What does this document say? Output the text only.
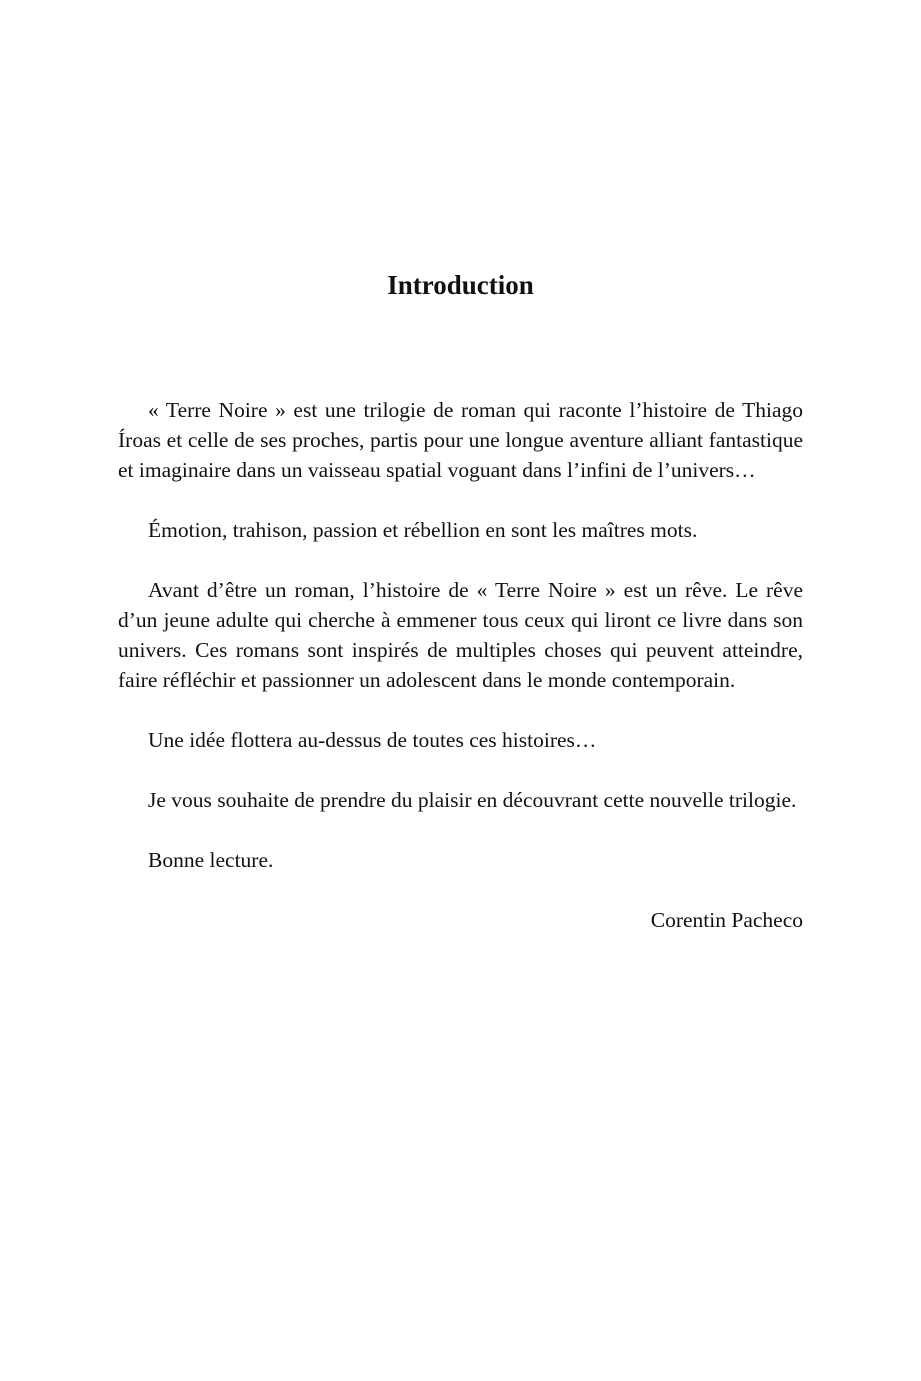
Introduction

« Terre Noire » est une trilogie de roman qui raconte l’histoire de Thiago Íroas et celle de ses proches, partis pour une longue aventure alliant fantastique et imaginaire dans un vaisseau spatial voguant dans l’infini de l’univers…

Émotion, trahison, passion et rébellion en sont les maîtres mots.

Avant d’être un roman, l’histoire de « Terre Noire » est un rêve. Le rêve d’un jeune adulte qui cherche à emmener tous ceux qui liront ce livre dans son univers. Ces romans sont inspirés de multiples choses qui peuvent atteindre, faire réfléchir et passionner un adolescent dans le monde contemporain.

Une idée flottera au-dessus de toutes ces histoires…

Je vous souhaite de prendre du plaisir en découvrant cette nouvelle trilogie.

Bonne lecture.

Corentin Pacheco
